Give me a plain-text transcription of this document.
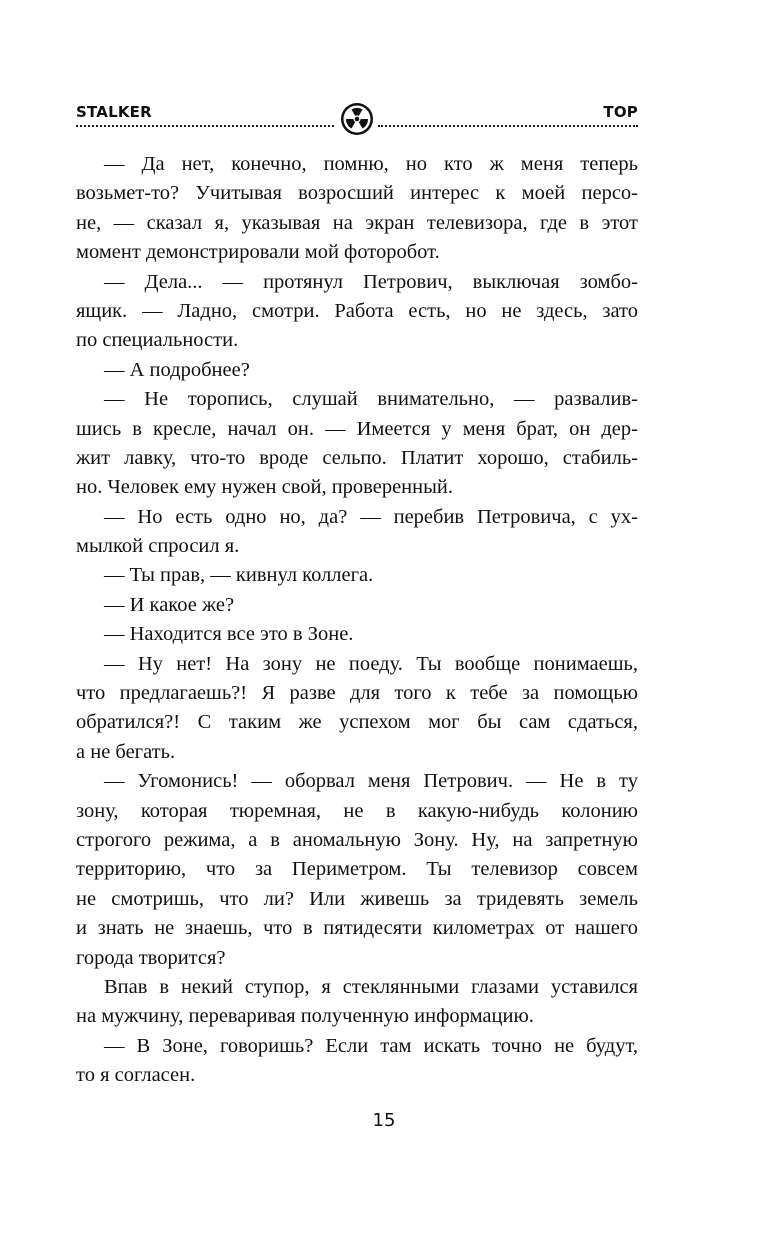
STALKER	TOP
— Да нет, конечно, помню, но кто ж меня теперь
возьмет-то? Учитывая возросший интерес к моей персо-
не, — сказал я, указывая на экран телевизора, где в этот
момент демонстрировали мой фоторобот.
— Дела... — протянул Петрович, выключая зомбо-
ящик. — Ладно, смотри. Работа есть, но не здесь, зато
по специальности.
— А подробнее?
— Не торопись, слушай внимательно, — развалив-
шись в кресле, начал он. — Имеется у меня брат, он дер-
жит лавку, что-то вроде сельпо. Платит хорошо, стабиль-
но. Человек ему нужен свой, проверенный.
— Но есть одно но, да? — перебив Петровича, с ух-
мылкой спросил я.
— Ты прав, — кивнул коллега.
— И какое же?
— Находится все это в Зоне.
— Ну нет! На зону не поеду. Ты вообще понимаешь,
что предлагаешь?! Я разве для того к тебе за помощью
обратился?! С таким же успехом мог бы сам сдаться,
а не бегать.
— Угомонись! — оборвал меня Петрович. — Не в ту
зону, которая тюремная, не в какую-нибудь колонию
строгого режима, а в аномальную Зону. Ну, на запретную
территорию, что за Периметром. Ты телевизор совсем
не смотришь, что ли? Или живешь за тридевять земель
и знать не знаешь, что в пятидесяти километрах от нашего
города творится?
Впав в некий ступор, я стеклянными глазами уставился
на мужчину, переваривая полученную информацию.
— В Зоне, говоришь? Если там искать точно не будут,
то я согласен.
15
